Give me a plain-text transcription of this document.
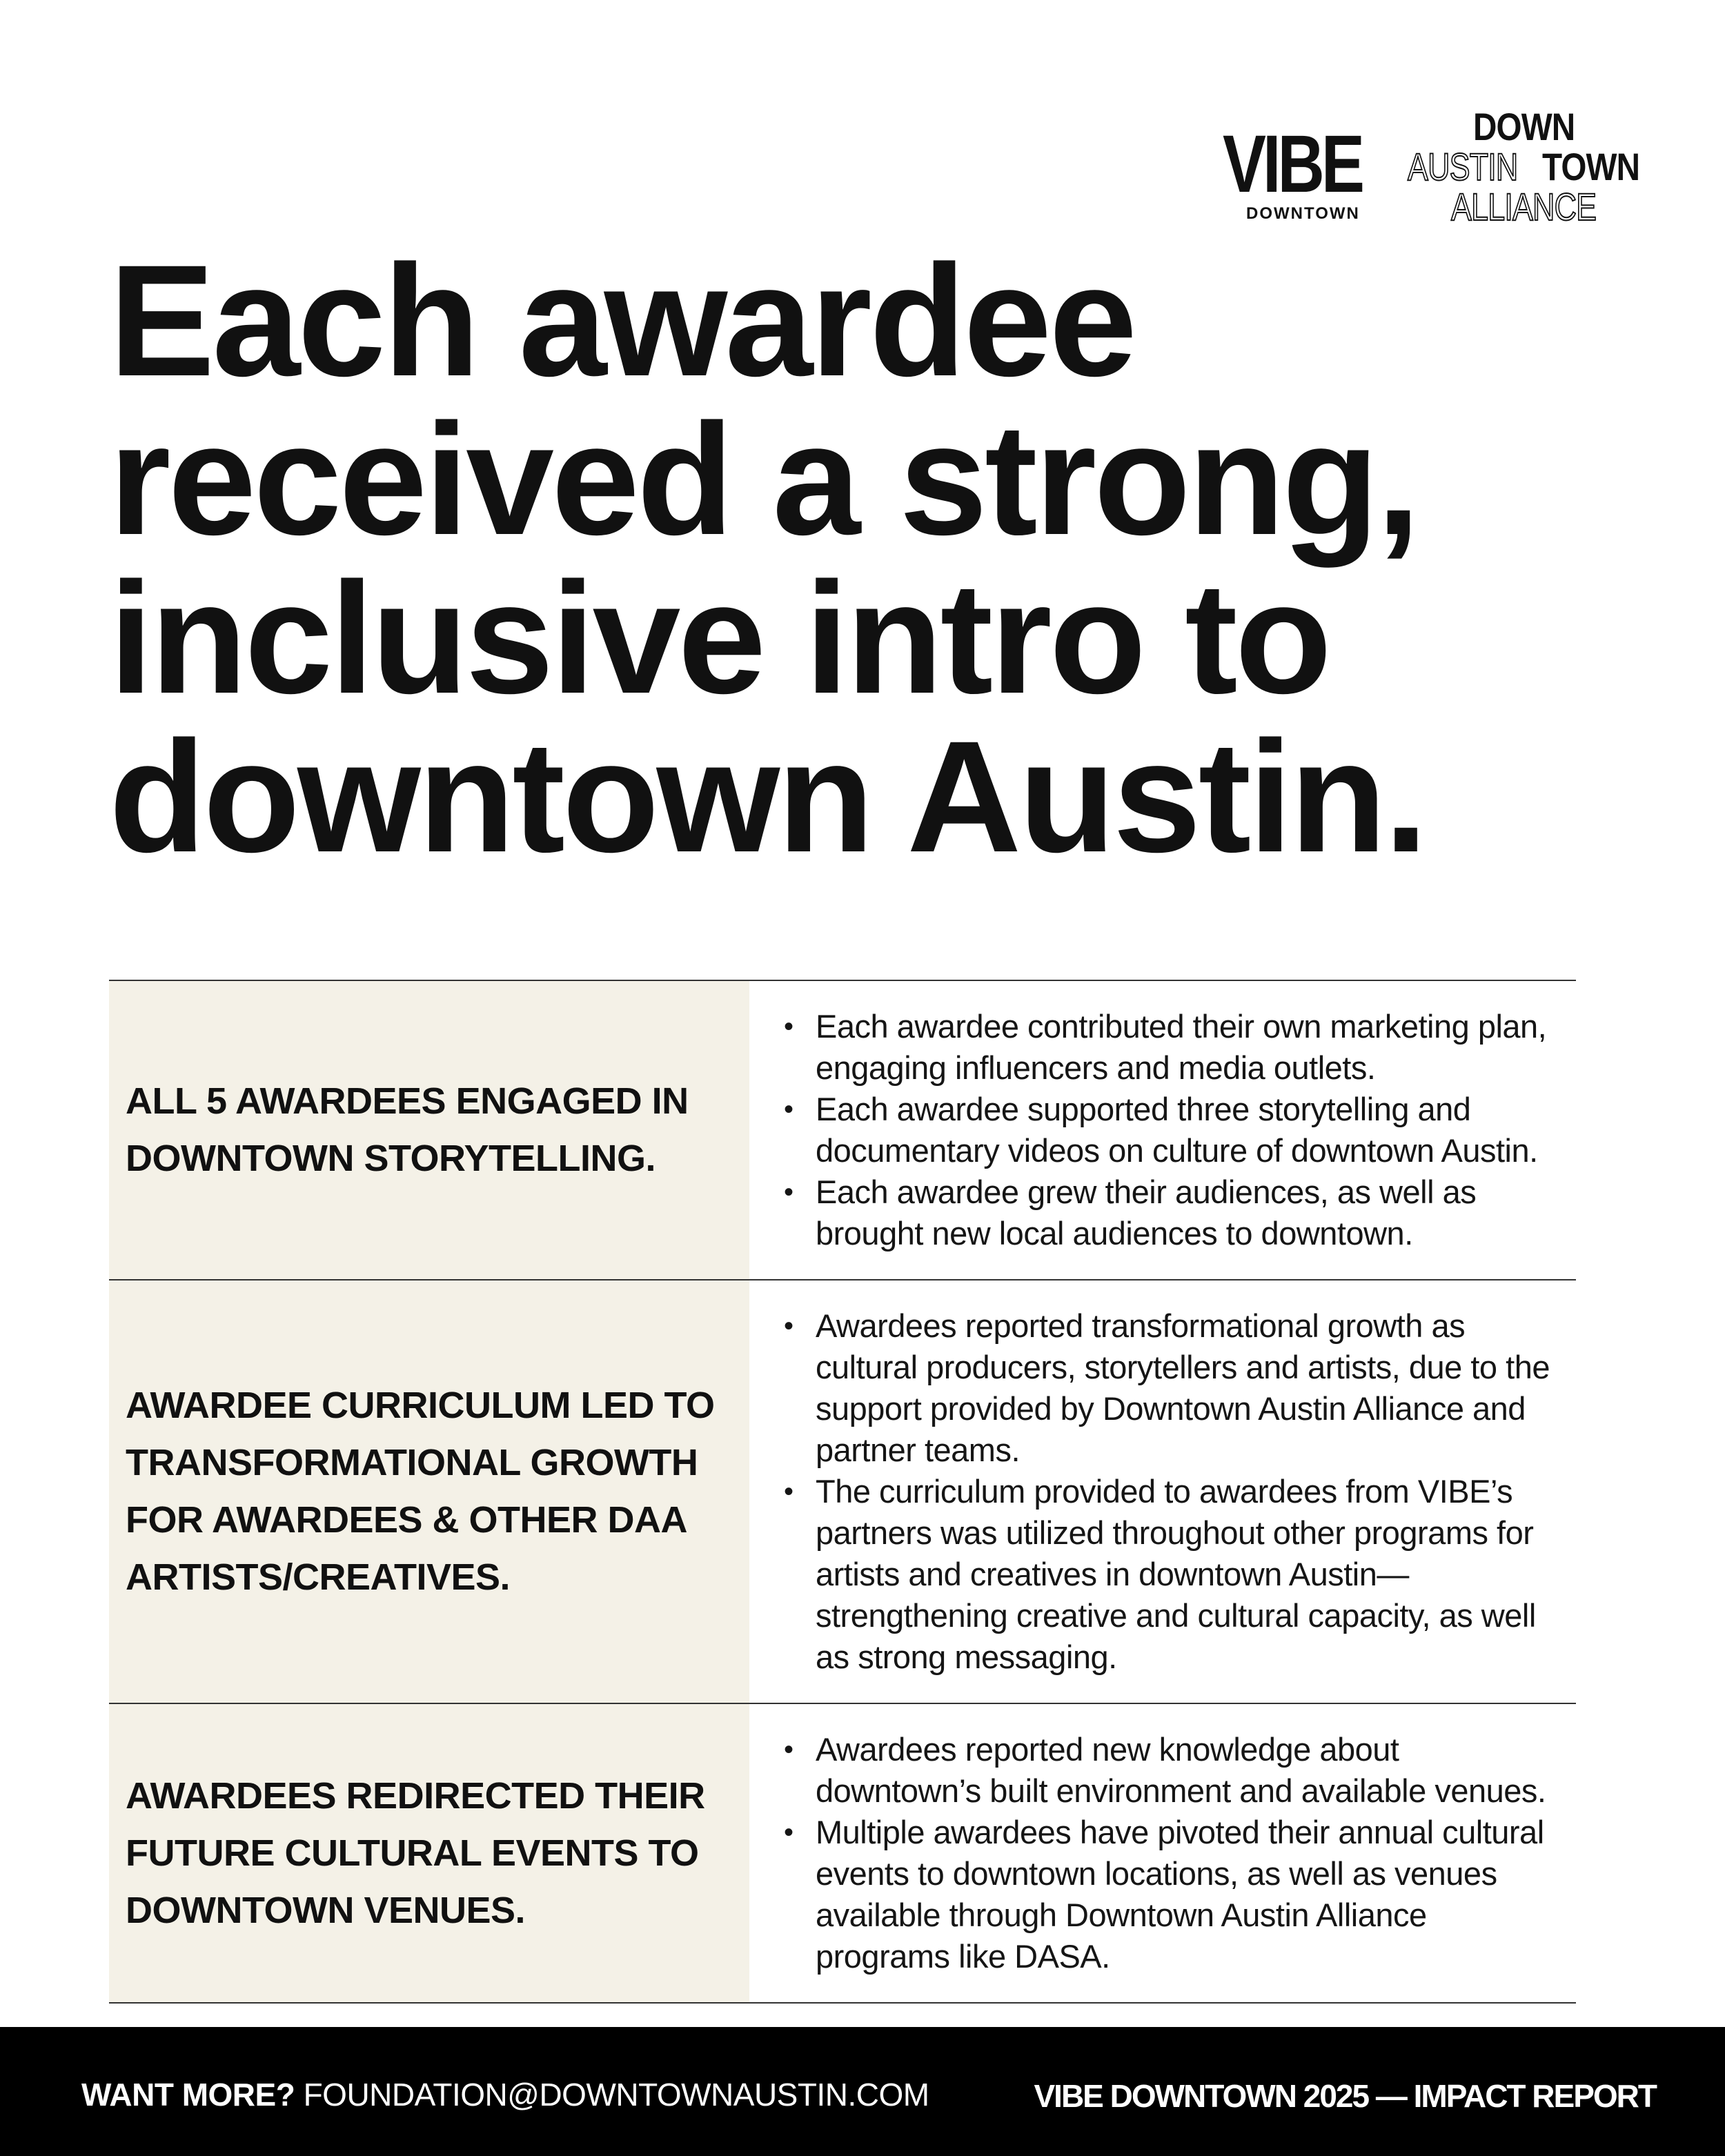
VIBE
DOWNTOWN
DOWN
AUSTIN TOWN
ALLIANCE
Each awardee
received a strong,
inclusive intro to
downtown Austin.

ALL 5 AWARDEES ENGAGED IN DOWNTOWN STORYTELLING.

• Each awardee contributed their own marketing plan, engaging influencers and media outlets.
• Each awardee supported three storytelling and documentary videos on culture of downtown Austin.
• Each awardee grew their audiences, as well as brought new local audiences to downtown.

AWARDEE CURRICULUM LED TO TRANSFORMATIONAL GROWTH FOR AWARDEES & OTHER DAA ARTISTS/CREATIVES.

• Awardees reported transformational growth as cultural producers, storytellers and artists, due to the support provided by Downtown Austin Alliance and partner teams.
• The curriculum provided to awardees from VIBE’s partners was utilized throughout other programs for artists and creatives in downtown Austin—strengthening creative and cultural capacity, as well as strong messaging.

AWARDEES REDIRECTED THEIR FUTURE CULTURAL EVENTS TO DOWNTOWN VENUES.

• Awardees reported new knowledge about downtown’s built environment and available venues.
• Multiple awardees have pivoted their annual cultural events to downtown locations, as well as venues available through Downtown Austin Alliance programs like DASA.
WANT MORE? FOUNDATION@DOWNTOWNAUSTIN.COM	VIBE DOWNTOWN 2025 — IMPACT REPORT
